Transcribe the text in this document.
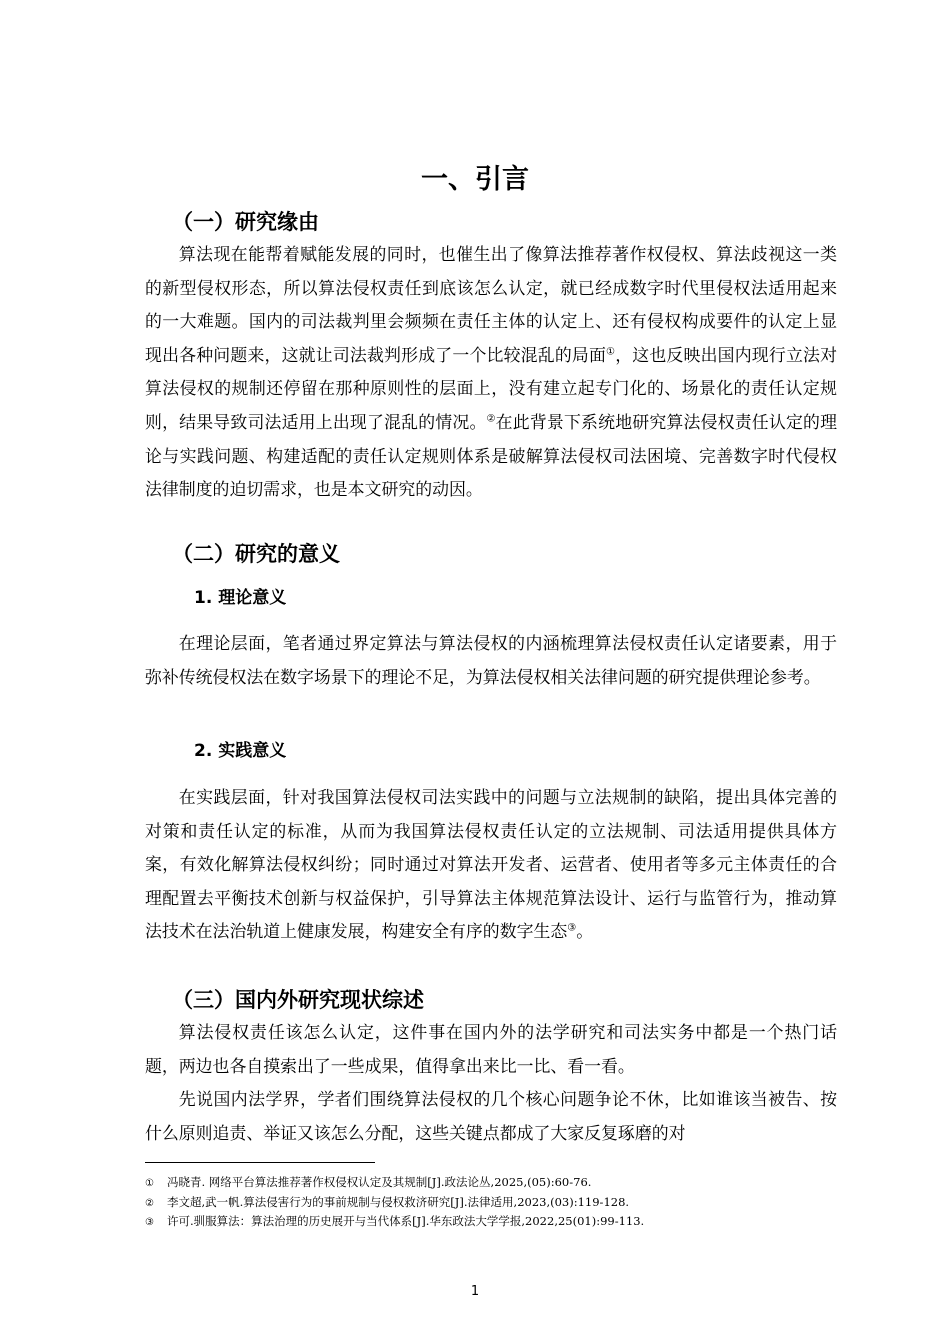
一、引言
（一）研究缘由

算法现在能帮着赋能发展的同时，也催生出了像算法推荐著作权侵权、算法歧视这一类的新型侵权形态，所以算法侵权责任到底该怎么认定，就已经成数字时代里侵权法适用起来的一大难题。国内的司法裁判里会频频在责任主体的认定上、还有侵权构成要件的认定上显现出各种问题来，这就让司法裁判形成了一个比较混乱的局面①，这也反映出国内现行立法对算法侵权的规制还停留在那种原则性的层面上，没有建立起专门化的、场景化的责任认定规则，结果导致司法适用上出现了混乱的情况。②在此背景下系统地研究算法侵权责任认定的理论与实践问题、构建适配的责任认定规则体系是破解算法侵权司法困境、完善数字时代侵权法律制度的迫切需求，也是本文研究的动因。

（二）研究的意义
1. 理论意义

在理论层面，笔者通过界定算法与算法侵权的内涵梳理算法侵权责任认定诸要素，用于弥补传统侵权法在数字场景下的理论不足，为算法侵权相关法律问题的研究提供理论参考。

2. 实践意义

在实践层面，针对我国算法侵权司法实践中的问题与立法规制的缺陷，提出具体完善的对策和责任认定的标准，从而为我国算法侵权责任认定的立法规制、司法适用提供具体方案，有效化解算法侵权纠纷；同时通过对算法开发者、运营者、使用者等多元主体责任的合理配置去平衡技术创新与权益保护，引导算法主体规范算法设计、运行与监管行为，推动算法技术在法治轨道上健康发展，构建安全有序的数字生态③。

（三）国内外研究现状综述

算法侵权责任该怎么认定，这件事在国内外的法学研究和司法实务中都是一个热门话题，两边也各自摸索出了一些成果，值得拿出来比一比、看一看。

先说国内法学界，学者们围绕算法侵权的几个核心问题争论不休，比如谁该当被告、按什么原则追责、举证又该怎么分配，这些关键点都成了大家反复琢磨的对

① 冯晓青. 网络平台算法推荐著作权侵权认定及其规制[J].政法论丛,2025,(05):60-76.
② 李文超,武一帆.算法侵害行为的事前规制与侵权救济研究[J].法律适用,2023,(03):119-128.
③ 许可.驯服算法：算法治理的历史展开与当代体系[J].华东政法大学学报,2022,25(01):99-113.
1
